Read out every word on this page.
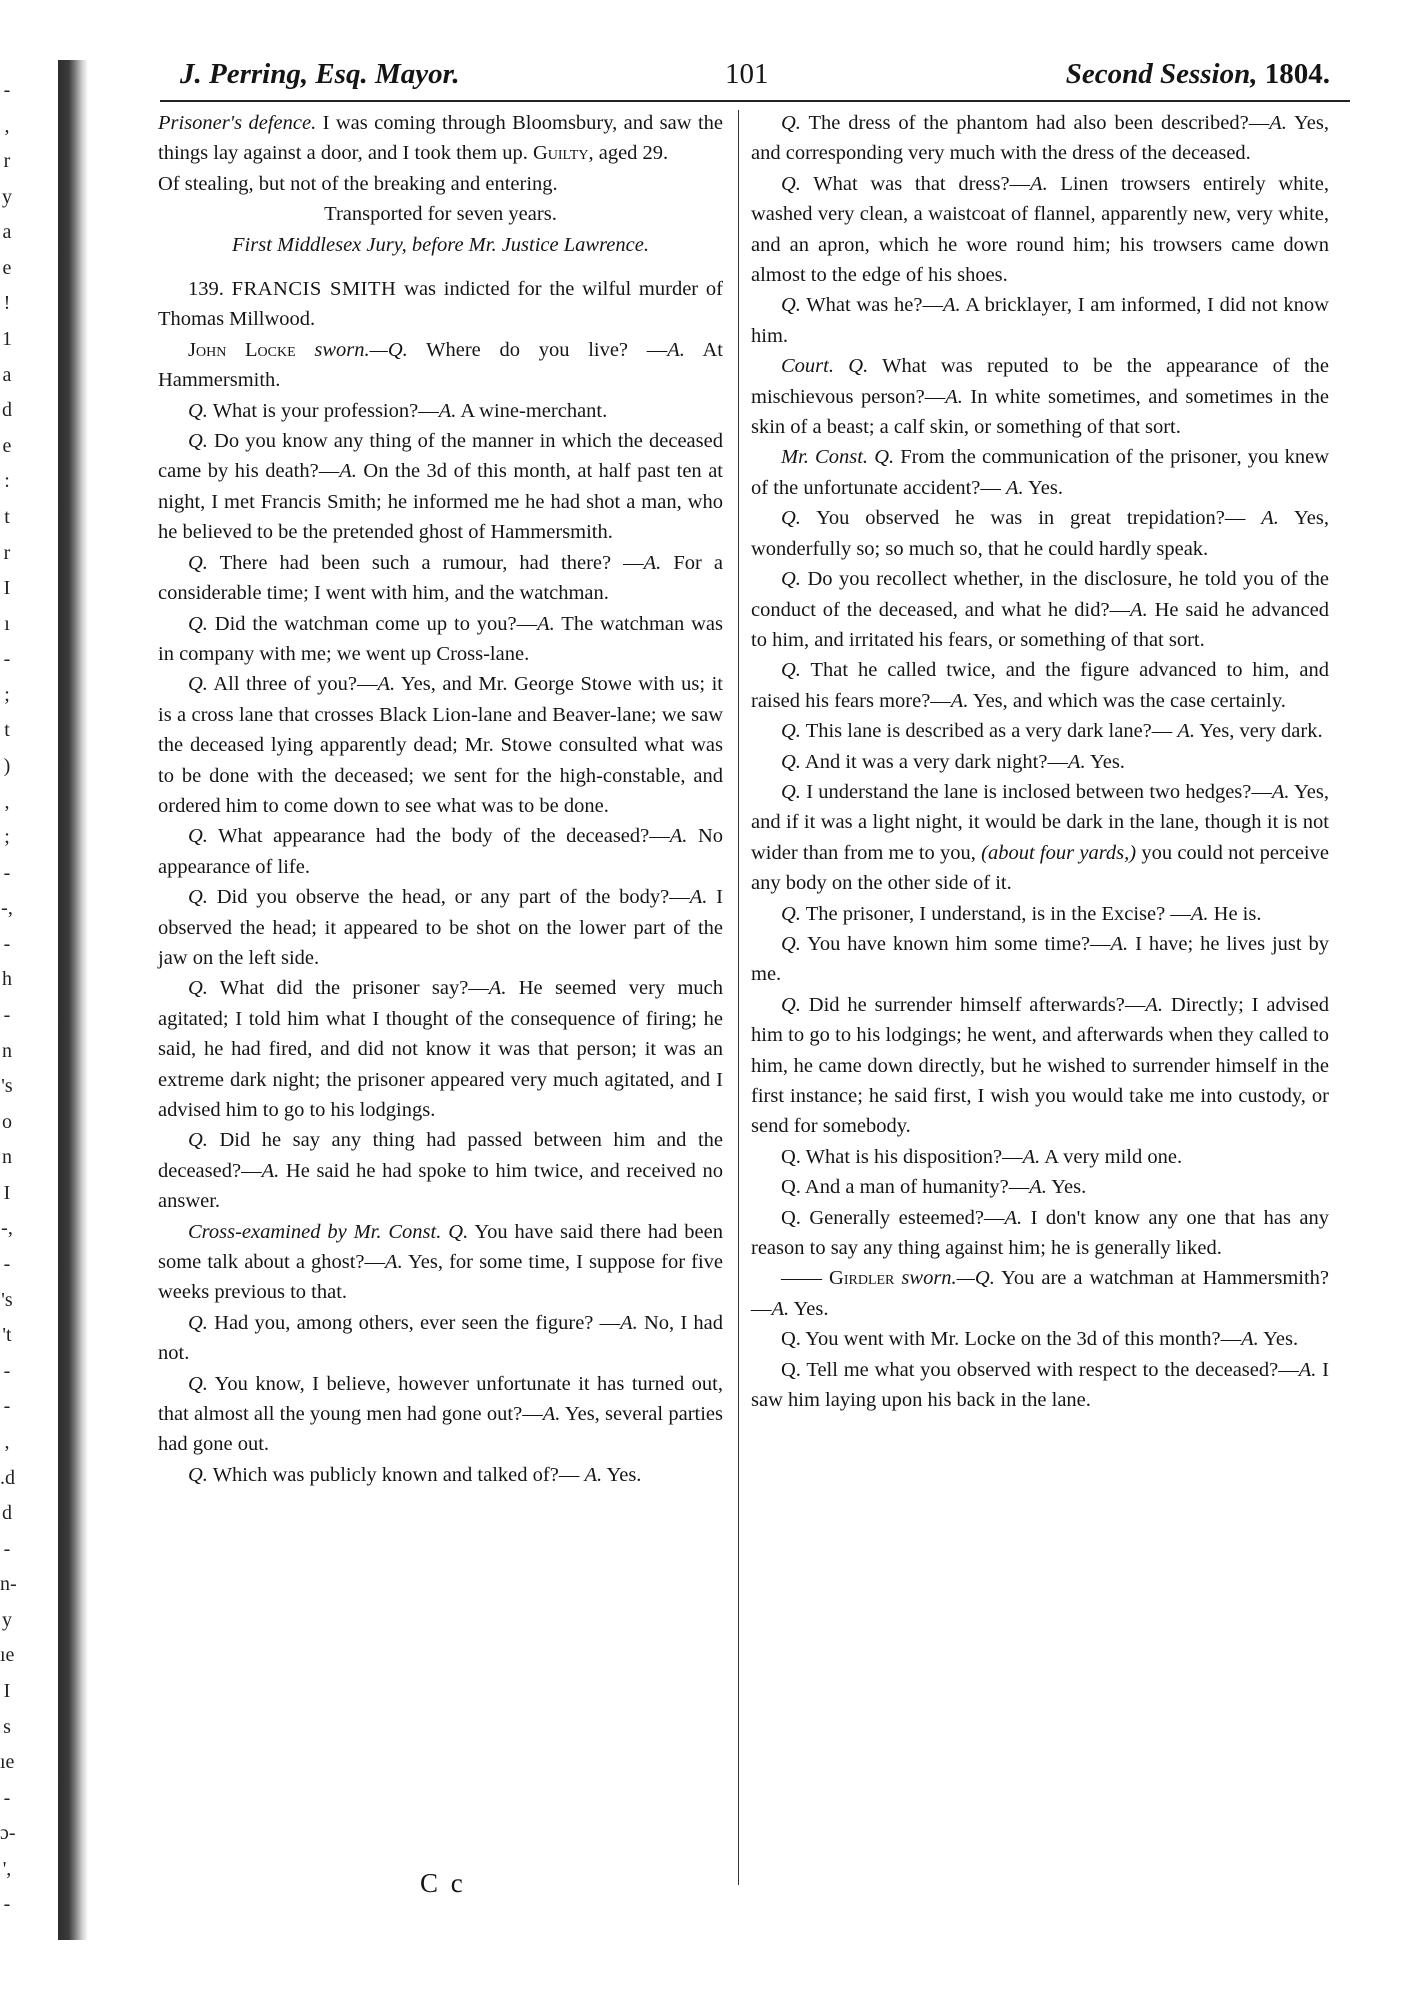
-
,
r
y
a
e
!
1
a
d
e
:
t
r
I
ı
-
;
t
)
,
;
-
-,
-
h
-
n
's
o
n
I
-,
-
's
't
-
-
,
.d
d
-
n-
y
ıe
I
s
ıe
-
ɔ-
',
-
J. Perring, Esq. Mayor.	101	Second Session, 1804.

Prisoner's defence. I was coming through Bloomsbury, and saw the things lay against a door, and I took them up. Guilty, aged 29.

Of stealing, but not of the breaking and entering.

Transported for seven years.

First Middlesex Jury, before Mr. Justice Lawrence.

139. FRANCIS SMITH was indicted for the wilful murder of Thomas Millwood.

John Locke sworn.—Q. Where do you live? —A. At Hammersmith.

Q. What is your profession?—A. A wine-merchant.

Q. Do you know any thing of the manner in which the deceased came by his death?—A. On the 3d of this month, at half past ten at night, I met Francis Smith; he informed me he had shot a man, who he believed to be the pretended ghost of Hammersmith.

Q. There had been such a rumour, had there? —A. For a considerable time; I went with him, and the watchman.

Q. Did the watchman come up to you?—A. The watchman was in company with me; we went up Cross-lane.

Q. All three of you?—A. Yes, and Mr. George Stowe with us; it is a cross lane that crosses Black Lion-lane and Beaver-lane; we saw the deceased lying apparently dead; Mr. Stowe consulted what was to be done with the deceased; we sent for the high-constable, and ordered him to come down to see what was to be done.

Q. What appearance had the body of the deceased?—A. No appearance of life.

Q. Did you observe the head, or any part of the body?—A. I observed the head; it appeared to be shot on the lower part of the jaw on the left side.

Q. What did the prisoner say?—A. He seemed very much agitated; I told him what I thought of the consequence of firing; he said, he had fired, and did not know it was that person; it was an extreme dark night; the prisoner appeared very much agitated, and I advised him to go to his lodgings.

Q. Did he say any thing had passed between him and the deceased?—A. He said he had spoke to him twice, and received no answer.

Cross-examined by Mr. Const. Q. You have said there had been some talk about a ghost?—A. Yes, for some time, I suppose for five weeks previous to that.

Q. Had you, among others, ever seen the figure? —A. No, I had not.

Q. You know, I believe, however unfortunate it has turned out, that almost all the young men had gone out?—A. Yes, several parties had gone out.

Q. Which was publicly known and talked of?— A. Yes.

Q. The dress of the phantom had also been described?—A. Yes, and corresponding very much with the dress of the deceased.

Q. What was that dress?—A. Linen trowsers entirely white, washed very clean, a waistcoat of flannel, apparently new, very white, and an apron, which he wore round him; his trowsers came down almost to the edge of his shoes.

Q. What was he?—A. A bricklayer, I am informed, I did not know him.

Court. Q. What was reputed to be the appearance of the mischievous person?—A. In white sometimes, and sometimes in the skin of a beast; a calf skin, or something of that sort.

Mr. Const. Q. From the communication of the prisoner, you knew of the unfortunate accident?— A. Yes.

Q. You observed he was in great trepidation?— A. Yes, wonderfully so; so much so, that he could hardly speak.

Q. Do you recollect whether, in the disclosure, he told you of the conduct of the deceased, and what he did?—A. He said he advanced to him, and irritated his fears, or something of that sort.

Q. That he called twice, and the figure advanced to him, and raised his fears more?—A. Yes, and which was the case certainly.

Q. This lane is described as a very dark lane?— A. Yes, very dark.

Q. And it was a very dark night?—A. Yes.

Q. I understand the lane is inclosed between two hedges?—A. Yes, and if it was a light night, it would be dark in the lane, though it is not wider than from me to you, (about four yards,) you could not perceive any body on the other side of it.

Q. The prisoner, I understand, is in the Excise? —A. He is.

Q. You have known him some time?—A. I have; he lives just by me.

Q. Did he surrender himself afterwards?—A. Directly; I advised him to go to his lodgings; he went, and afterwards when they called to him, he came down directly, but he wished to surrender himself in the first instance; he said first, I wish you would take me into custody, or send for somebody.

Q. What is his disposition?—A. A very mild one.

Q. And a man of humanity?—A. Yes.

Q. Generally esteemed?—A. I don't know any one that has any reason to say any thing against him; he is generally liked.

—— Girdler sworn.—Q. You are a watchman at Hammersmith?—A. Yes.

Q. You went with Mr. Locke on the 3d of this month?—A. Yes.

Q. Tell me what you observed with respect to the deceased?—A. I saw him laying upon his back in the lane.

C c
